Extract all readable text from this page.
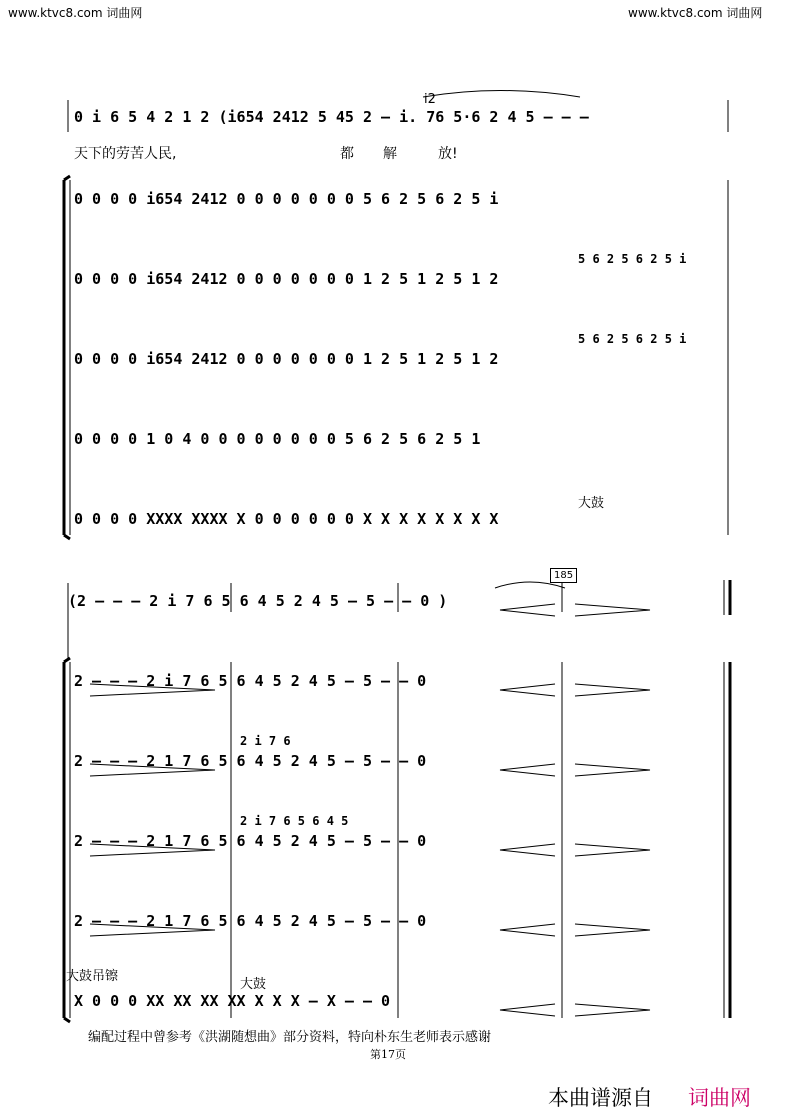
www.ktvc8.com 词曲网	www.ktvc8.com 词曲网
0 i 6 5 4 2 1 2 (i654 2412 5 45 2 – i. 76 5·6 2 4 5 – – –
i2
天下的劳苦人民,	都 解	放!
0 0 0 0 i654 2412 0 0 0 0 0 0 0 5 6 2 5 6 2 5 i
5 6 2 5 6 2 5 i
0 0 0 0 i654 2412 0 0 0 0 0 0 0 1 2 5 1 2 5 1 2
5 6 2 5 6 2 5 i
0 0 0 0 i654 2412 0 0 0 0 0 0 0 1 2 5 1 2 5 1 2
0 0 0 0 1 0 4 0 0 0 0 0 0 0 0 5 6 2 5 6 2 5 1
大鼓
0 0 0 0 XXXX XXXX X 0 0 0 0 0 0 X X X X X X X X
185
(2 – – – 2 i 7 6 5 6 4 5 2 4 5 – 5 – – 0 )
2 – – – 2 i 7 6 5 6 4 5 2 4 5 – 5 – – 0
2 i 7 6
2 – – – 2 1 7 6 5 6 4 5 2 4 5 – 5 – – 0
2 i 7 6 5 6 4 5
2 – – – 2 1 7 6 5 6 4 5 2 4 5 – 5 – – 0
2 – – – 2 1 7 6 5 6 4 5 2 4 5 – 5 – – 0
大鼓吊镲
大鼓
X 0 0 0 XX XX XX XX X X X – X – – 0
编配过程中曾参考《洪湖随想曲》部分资料，特向朴东生老师表示感谢
第17页
本曲谱源自 词曲网
